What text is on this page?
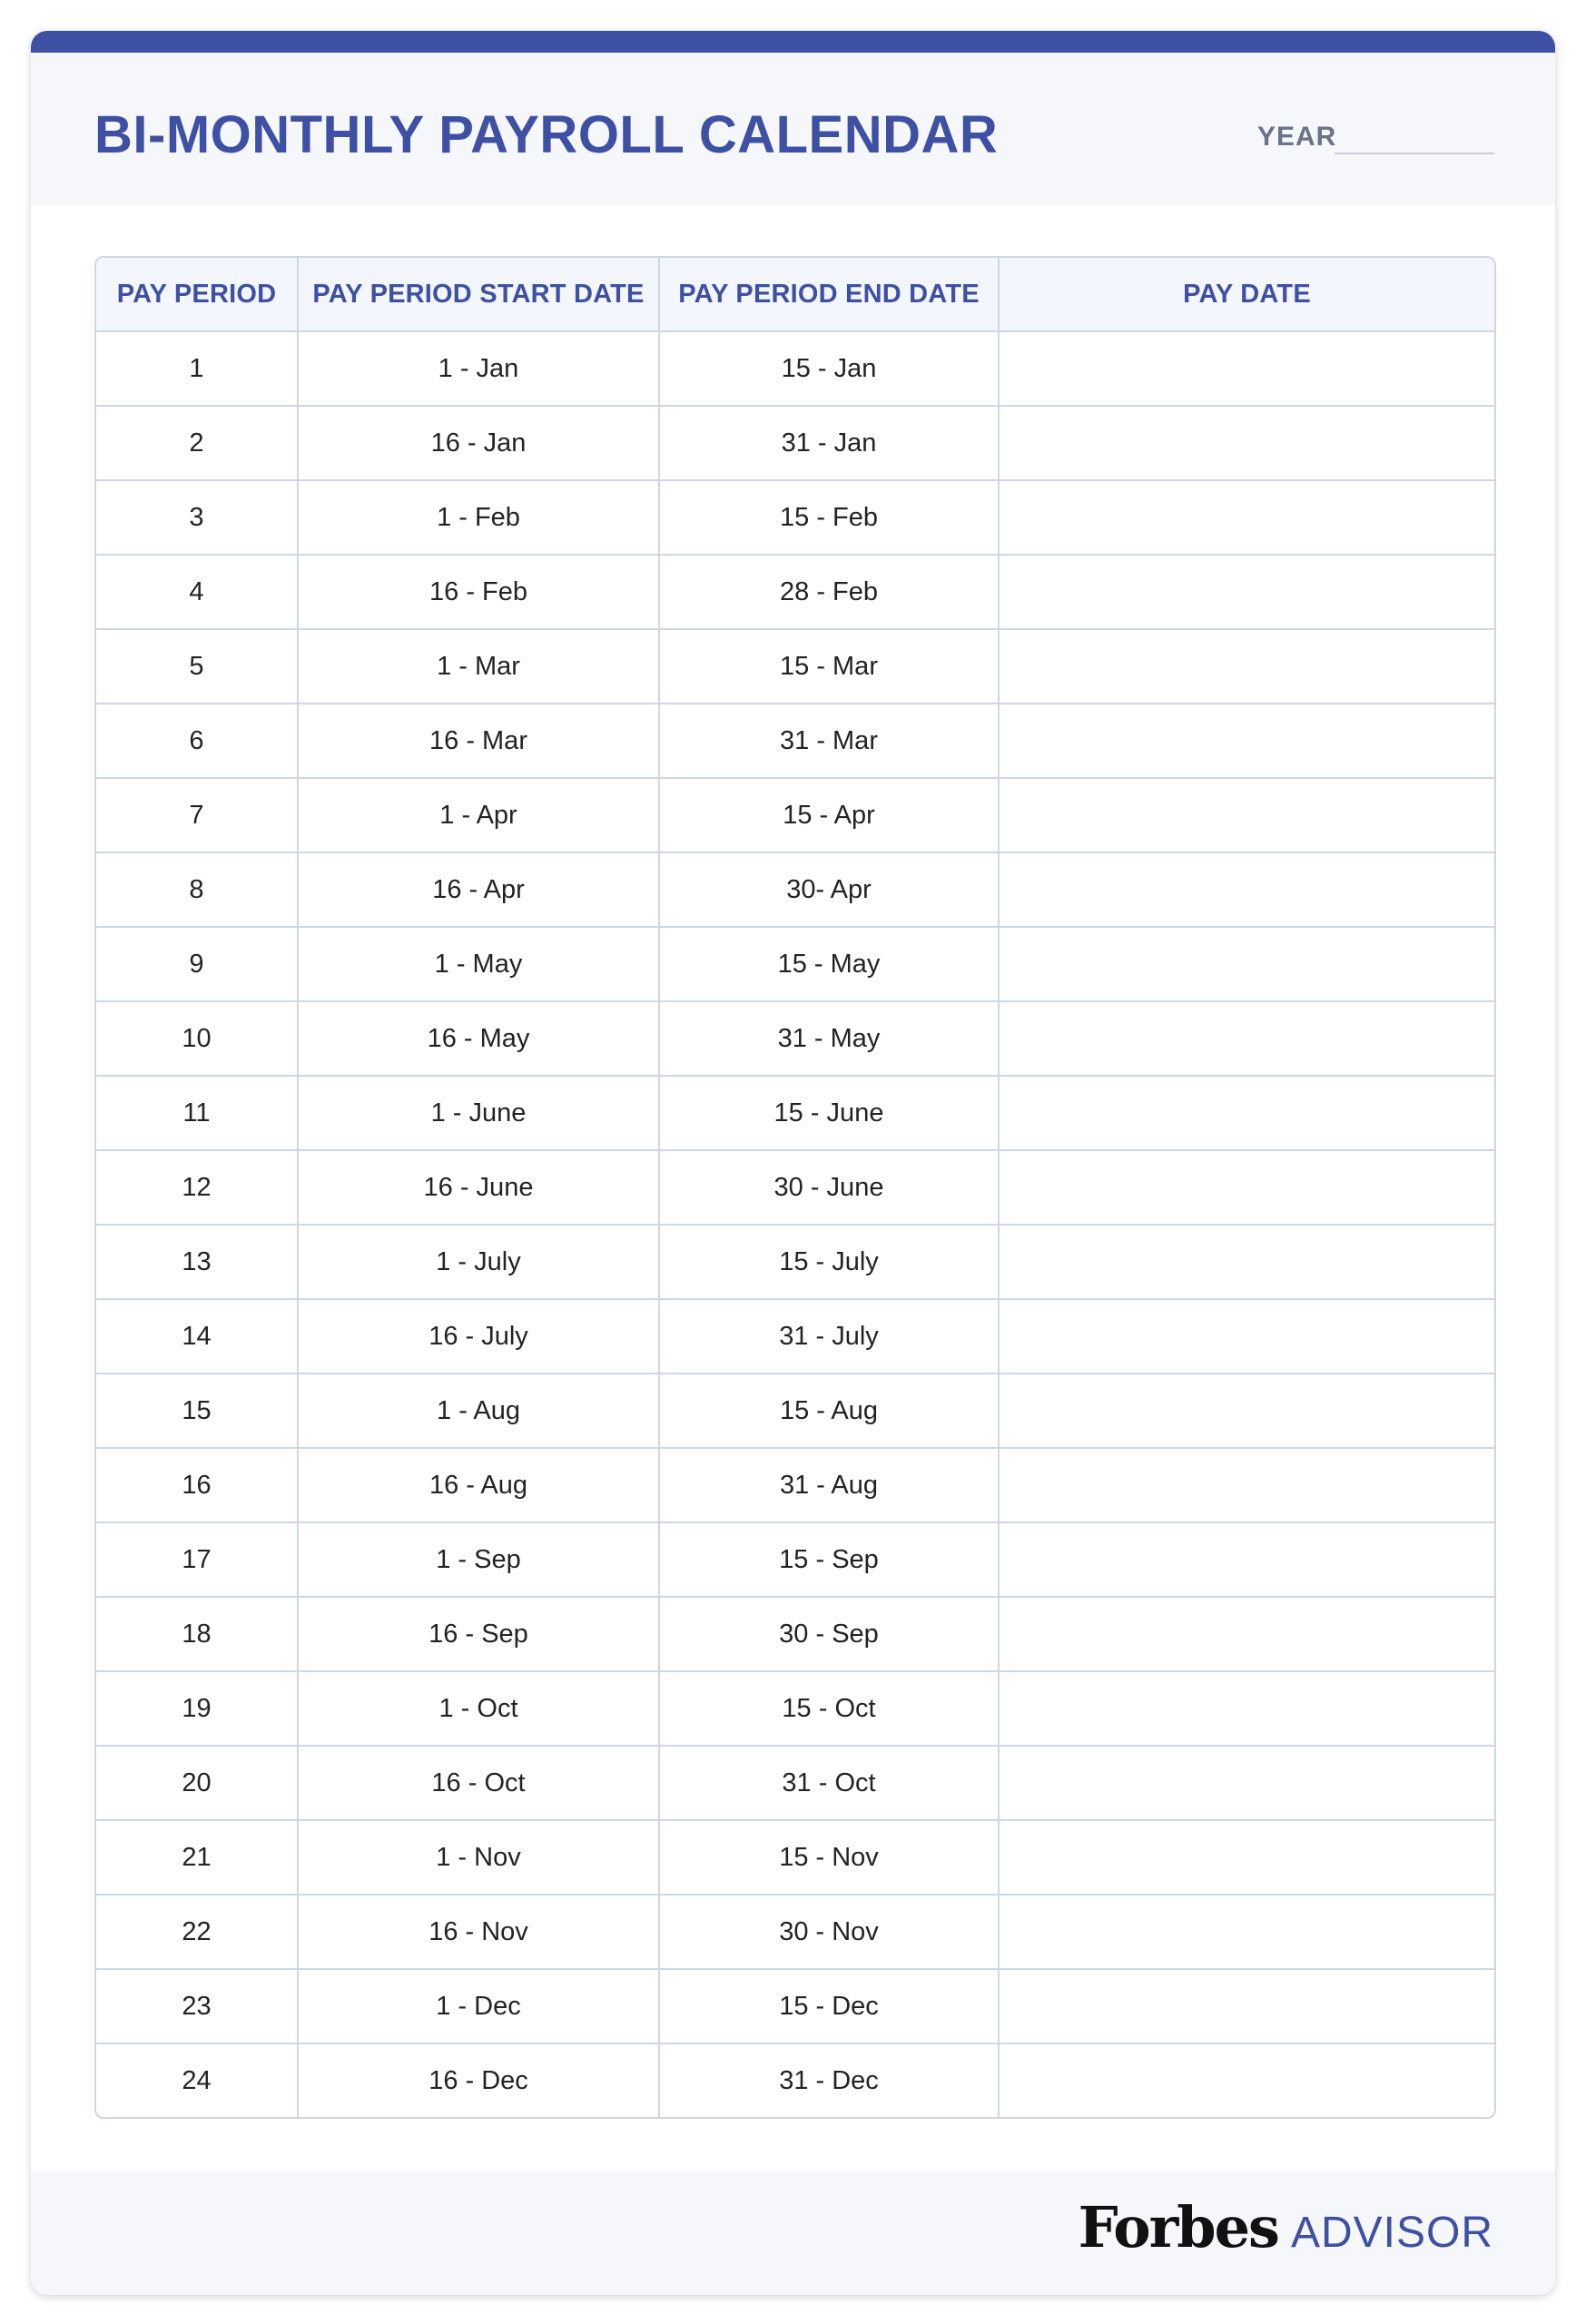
BI-MONTHLY PAYROLL CALENDAR	YEAR
PAY PERIOD	PAY PERIOD START DATE	PAY PERIOD END DATE	PAY DATE
1	1 - Jan	15 - Jan	
2	16 - Jan	31 - Jan	
3	1 - Feb	15 - Feb	
4	16 - Feb	28 - Feb	
5	1 - Mar	15 - Mar	
6	16 - Mar	31 - Mar	
7	1 - Apr	15 - Apr	
8	16 - Apr	30- Apr	
9	1 - May	15 - May	
10	16 - May	31 - May	
11	1 - June	15 - June	
12	16 - June	30 - June	
13	1 - July	15 - July	
14	16 - July	31 - July	
15	1 - Aug	15 - Aug	
16	16 - Aug	31 - Aug	
17	1 - Sep	15 - Sep	
18	16 - Sep	30 - Sep	
19	1 - Oct	15 - Oct	
20	16 - Oct	31 - Oct	
21	1 - Nov	15 - Nov	
22	16 - Nov	30 - Nov	
23	1 - Dec	15 - Dec	
24	16 - Dec	31 - Dec	
Forbes ADVISOR
